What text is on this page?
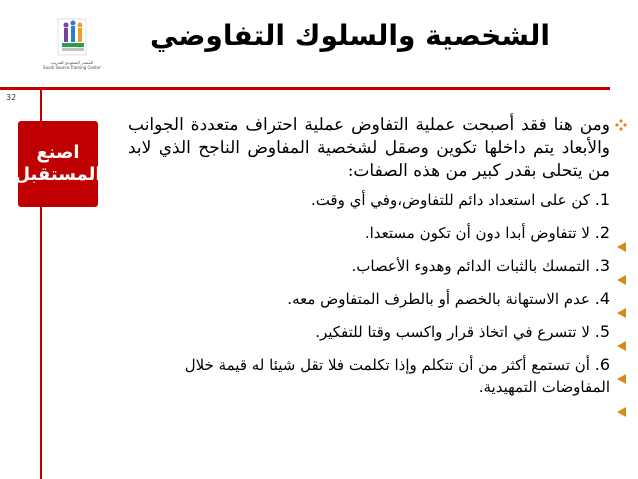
المصدر السعودي للتدريب
Saudi Source Training Center
الشخصية والسلوك التفاوضي
32
اصنع
المستقبل
ومن هنا فقد أصبحت عملية التفاوض عملية احتراف متعددة الجوانب والأبعاد يتم داخلها تكوين وصقل لشخصية المفاوض الناجح الذي لابد من يتحلى بقدر كبير من هذه الصفات:
1. كن على استعداد دائم للتفاوض،وفي أي وقت.
2. لا تتفاوض أبدا دون أن تكون مستعدا.
3. التمسك بالثبات الدائم وهدوء الأعصاب.
4. عدم الاستهانة بالخصم أو بالطرف المتفاوض معه.
5. لا تتسرع في اتخاذ قرار واكسب وقتا للتفكير.
6. أن تستمع أكثر من أن تتكلم وإذا تكلمت فلا تقل شيئا له قيمة خلال المفاوضات التمهيدية.
